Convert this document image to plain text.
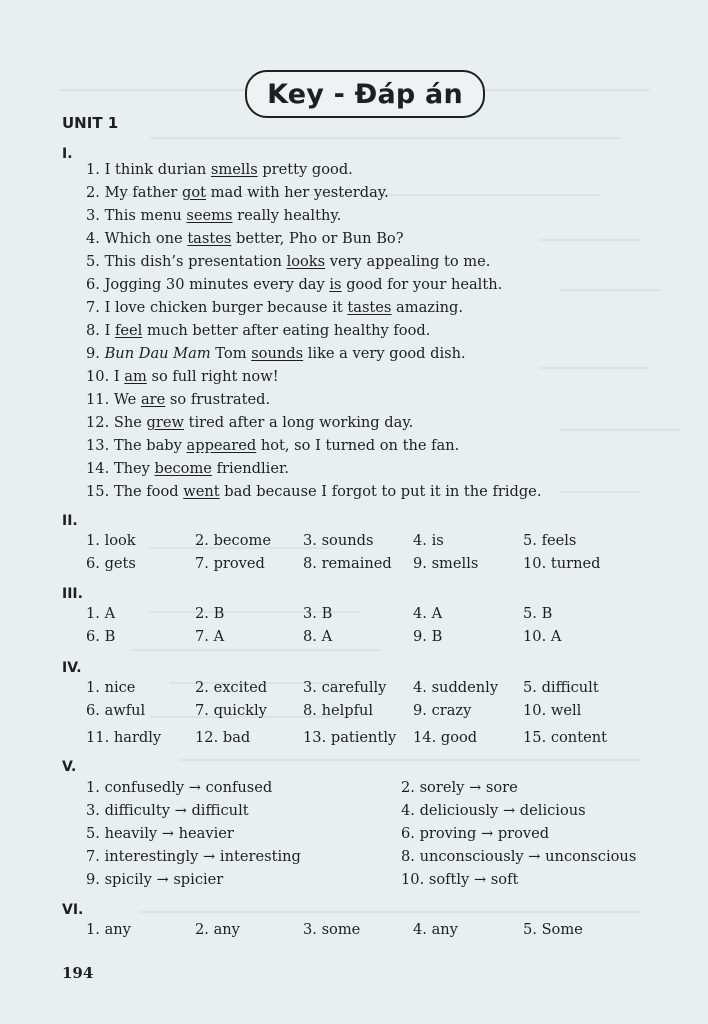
Key - Đáp án
UNIT 1
I.
1. I think durian smells pretty good.
2. My father got mad with her yesterday.
3. This menu seems really healthy.
4. Which one tastes better, Pho or Bun Bo?
5. This dish’s presentation looks very appealing to me.
6. Jogging 30 minutes every day is good for your health.
7. I love chicken burger because it tastes amazing.
8. I feel much better after eating healthy food.
9. Bun Dau Mam Tom sounds like a very good dish.
10. I am so full right now!
11. We are so frustrated.
12. She grew tired after a long working day.
13. The baby appeared hot, so I turned on the fan.
14. They become friendlier.
15. The food went bad because I forgot to put it in the fridge.
II.
1. look	2. become 3. sounds	4. is	5. feels
6. gets	7. proved	8. remained 9. smells	10. turned
III.
1. A	2. B	3. B	4. A	5. B
6. B	7. A	8. A	9. B	10. A
IV.
1. nice	2. excited 3. carefully 4. suddenly 5. difficult
6. awful	7. quickly 8. helpful	9. crazy	10. well
11. hardly 12. bad	13. patiently 14. good	15. content
V.
1. confusedly → confused	2. sorely → sore
3. difficulty → difficult	4. deliciously → delicious
5. heavily → heavier	6. proving → proved
7. interestingly → interesting	8. unconsciously → unconscious
9. spicily → spicier	10. softly → soft
VI.
1. any	2. any	3. some	4. any	5. Some
194
